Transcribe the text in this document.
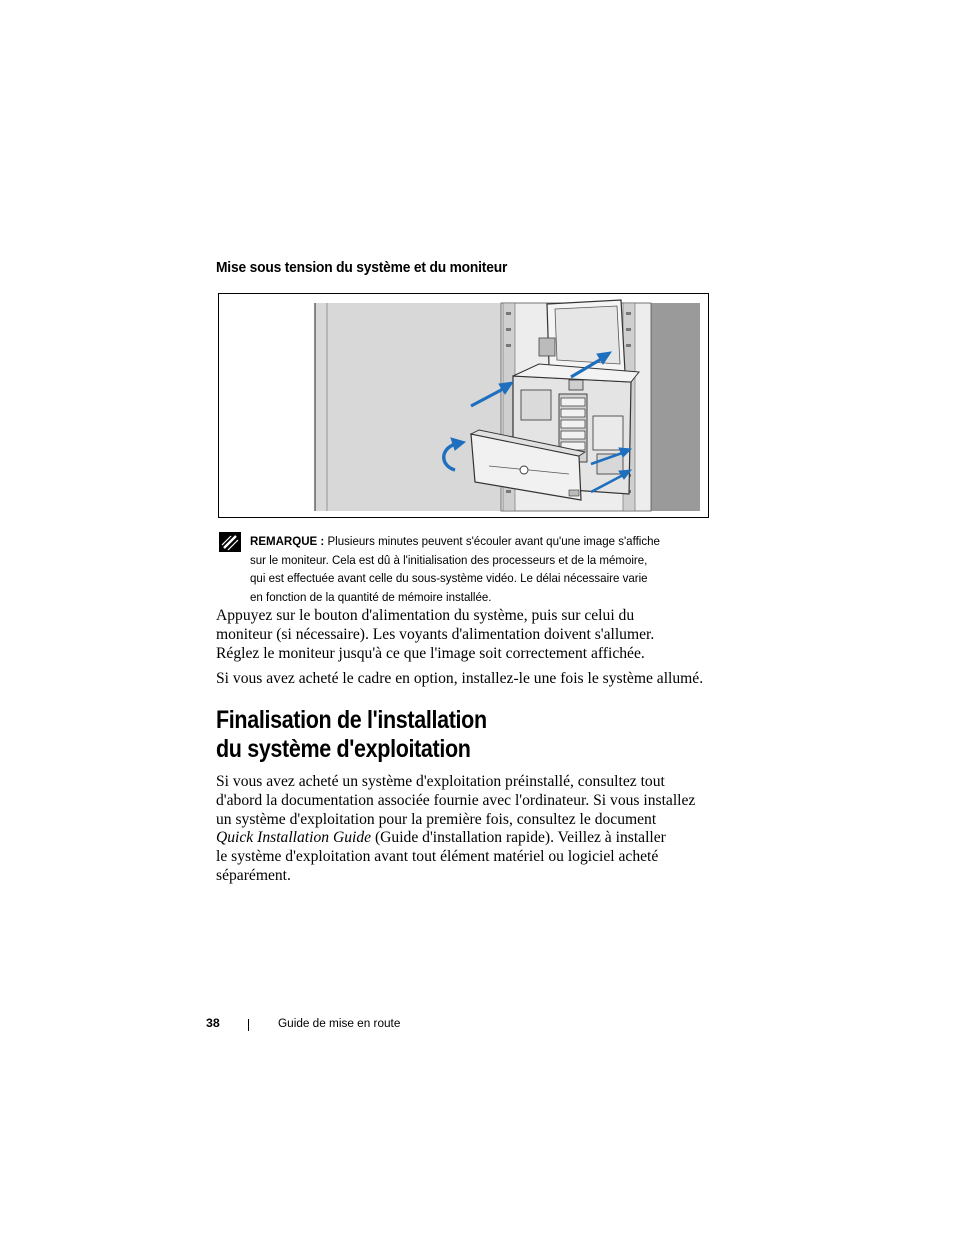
Mise sous tension du système et du moniteur
REMARQUE : Plusieurs minutes peuvent s'écouler avant qu'une image s'affiche
sur le moniteur. Cela est dû à l'initialisation des processeurs et de la mémoire,
qui est effectuée avant celle du sous-système vidéo. Le délai nécessaire varie
en fonction de la quantité de mémoire installée.
Appuyez sur le bouton d'alimentation du système, puis sur celui du
moniteur (si nécessaire). Les voyants d'alimentation doivent s'allumer.
Réglez le moniteur jusqu'à ce que l'image soit correctement affichée.
Si vous avez acheté le cadre en option, installez-le une fois le système allumé.
Finalisation de l'installation
du système d'exploitation
Si vous avez acheté un système d'exploitation préinstallé, consultez tout
d'abord la documentation associée fournie avec l'ordinateur. Si vous installez
un système d'exploitation pour la première fois, consultez le document
Quick Installation Guide (Guide d'installation rapide). Veillez à installer
le système d'exploitation avant tout élément matériel ou logiciel acheté
séparément.
38	Guide de mise en route
